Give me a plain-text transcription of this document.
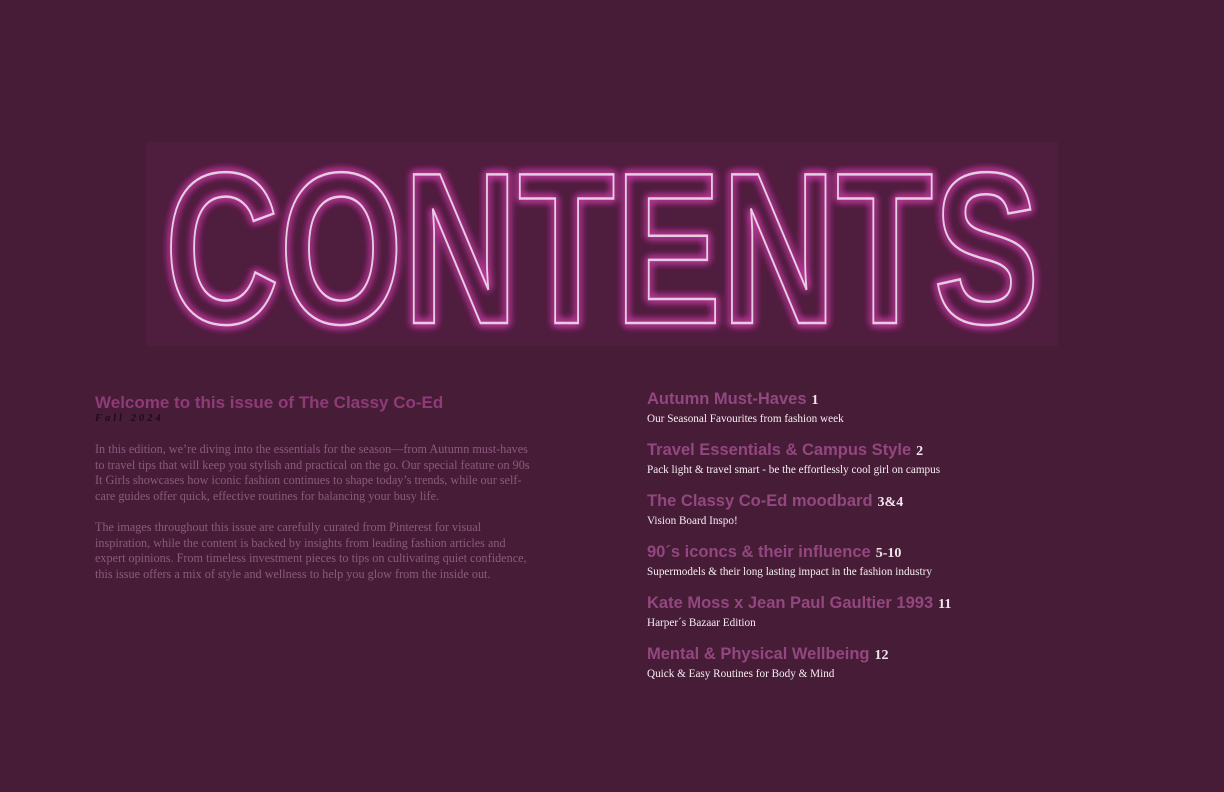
CONTENTS
CONTENTS
Welcome to this issue of The Classy Co-Ed
Fall 2024

In this edition, we’re diving into the essentials for the season—from Autumn must-haves to travel tips that will keep you stylish and practical on the go. Our special feature on 90s It Girls showcases how iconic fashion continues to shape today’s trends, while our self-care guides offer quick, effective routines for balancing your busy life.

The images throughout this issue are carefully curated from Pinterest for visual inspiration, while the content is backed by insights from leading fashion articles and expert opinions. From timeless investment pieces to tips on cultivating quiet confidence, this issue offers a mix of style and wellness to help you glow from the inside out.

Autumn Must-Haves 1
Our Seasonal Favourites from fashion week
Travel Essentials & Campus Style 2
Pack light & travel smart - be the effortlessly cool girl on campus
The Classy Co-Ed moodbard 3&4
Vision Board Inspo!
90´s iconcs & their influence 5-10
Supermodels & their long lasting impact in the fashion industry
Kate Moss x Jean Paul Gaultier 1993 11
Harper´s Bazaar Edition
Mental & Physical Wellbeing 12
Quick & Easy Routines for Body & Mind
